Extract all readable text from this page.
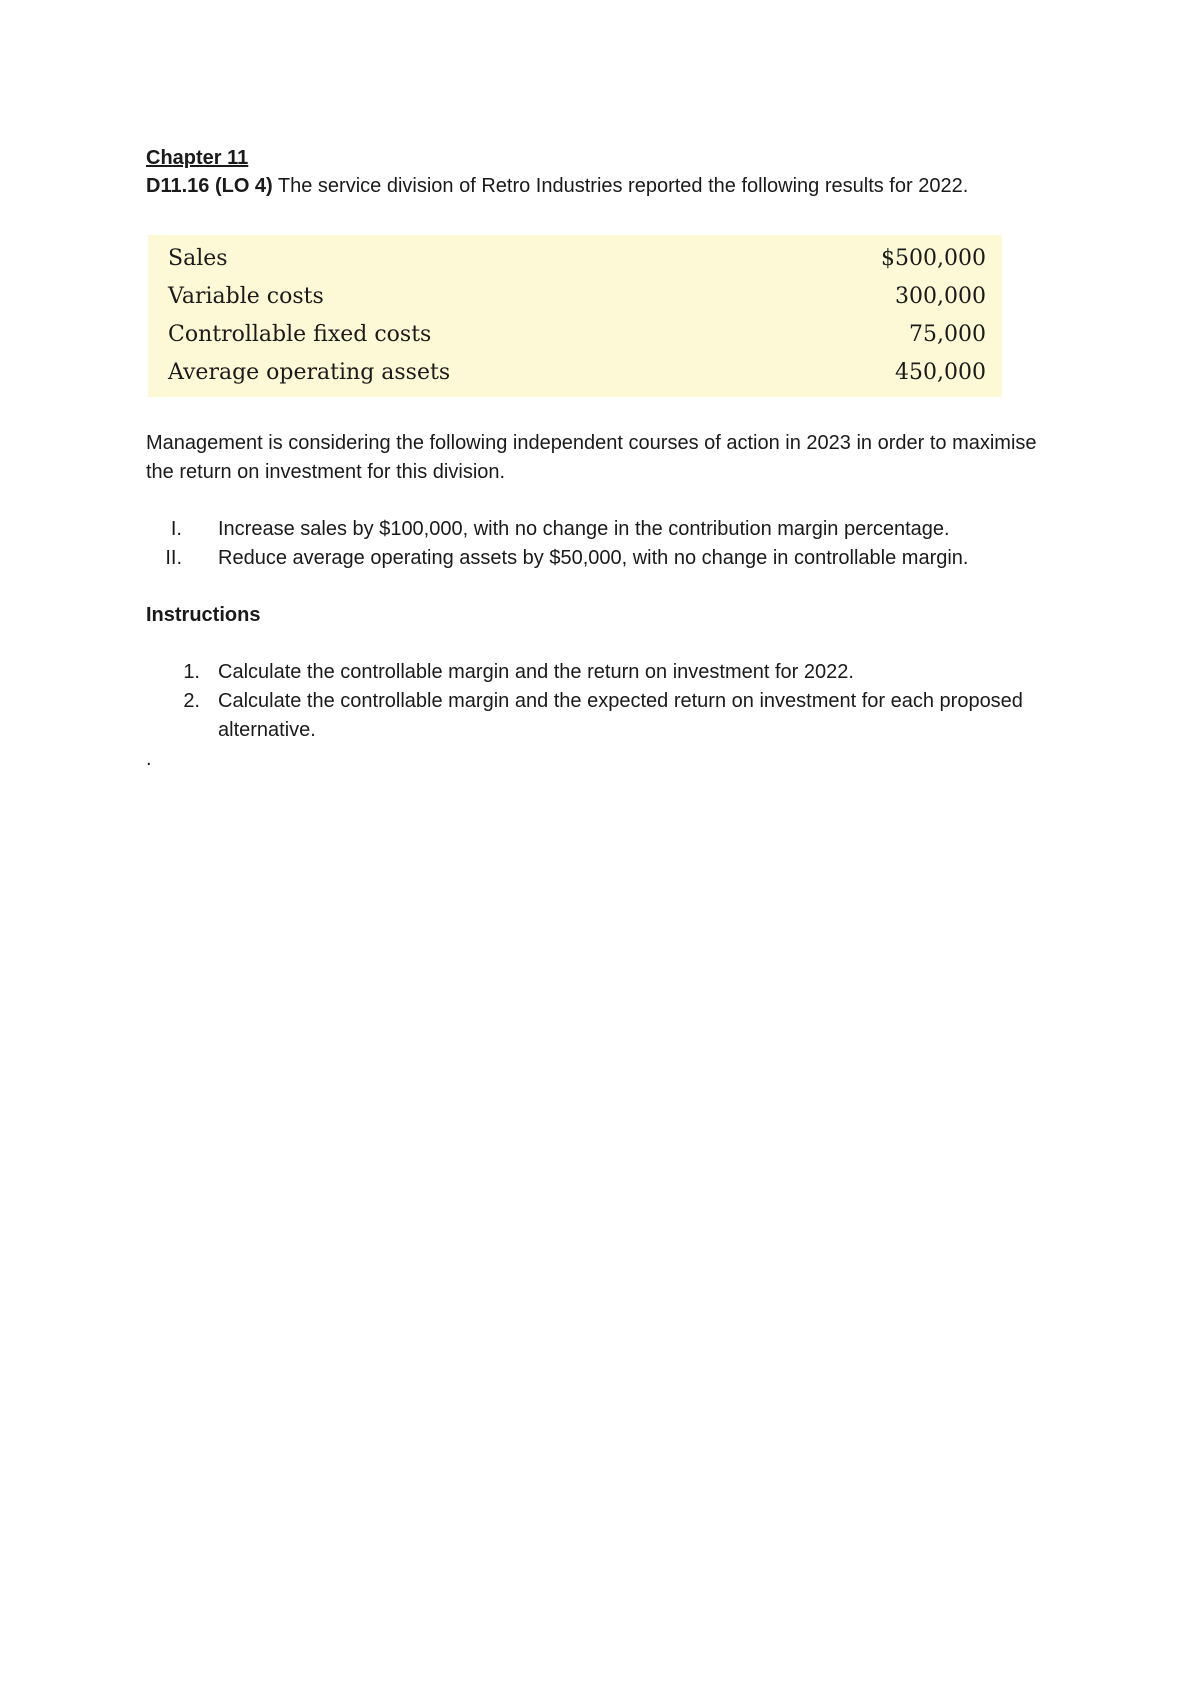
Chapter 11

D11.16 (LO 4) The service division of Retro Industries reported the following results for 2022.

Sales	$500,000
Variable costs	300,000
Controllable fixed costs	75,000
Average operating assets	450,000

Management is considering the following independent courses of action in 2023 in order to maximise the return on investment for this division.

I. Increase sales by $100,000, with no change in the contribution margin percentage.
II. Reduce average operating assets by $50,000, with no change in controllable margin.

Instructions

1. Calculate the controllable margin and the return on investment for 2022.
2. Calculate the controllable margin and the expected return on investment for each proposed alternative.

.
